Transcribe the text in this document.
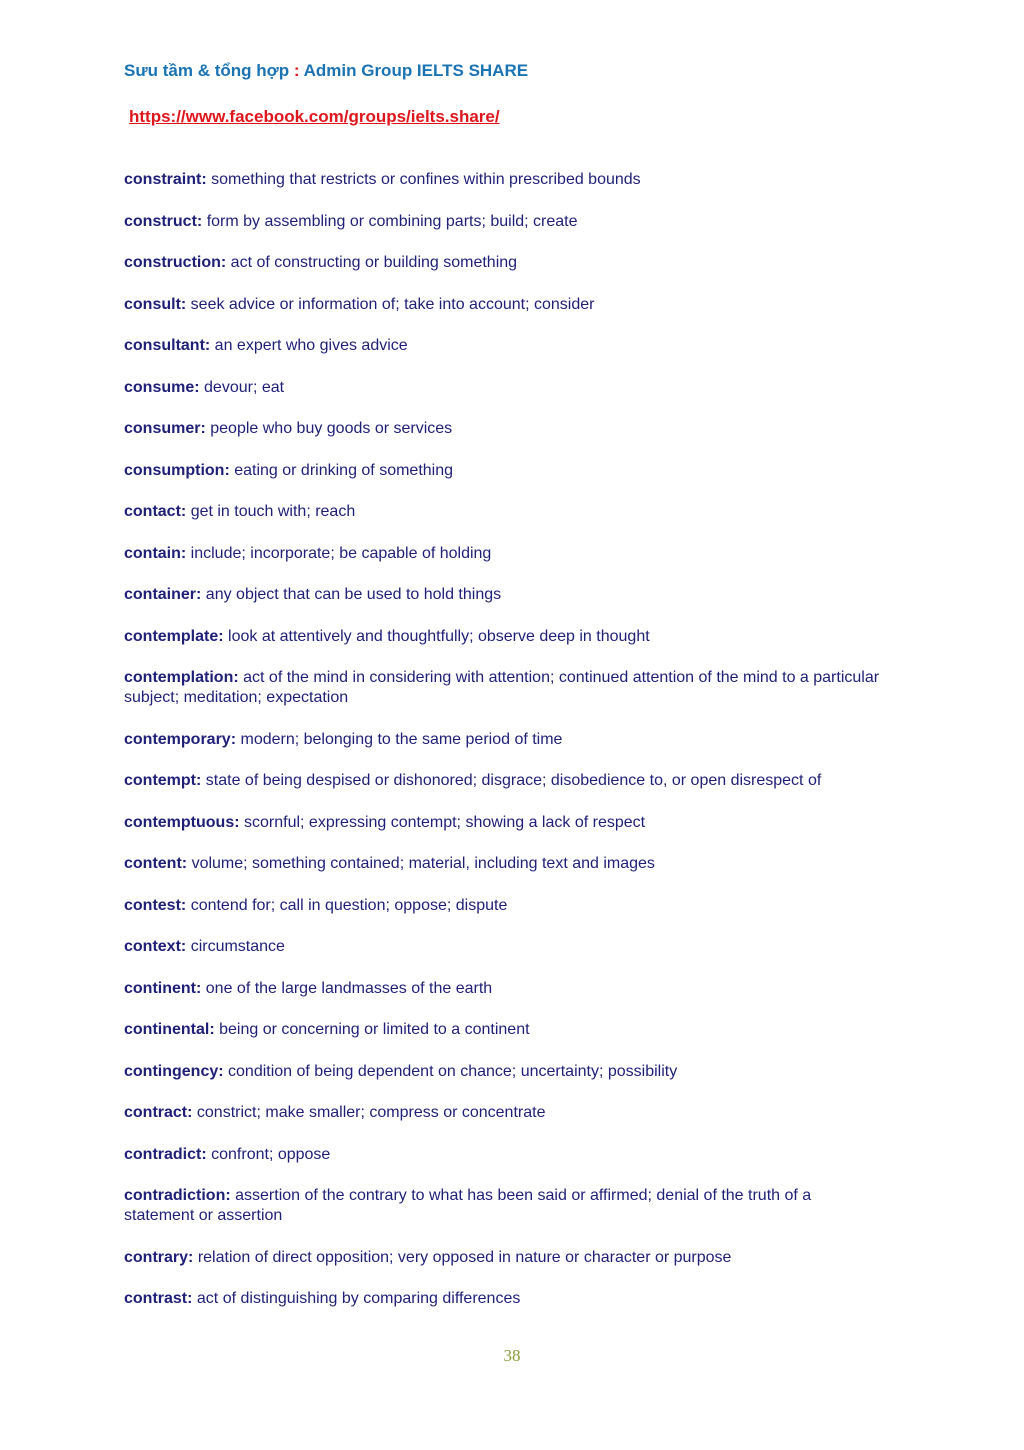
Sưu tầm & tổng hợp : Admin Group IELTS SHARE
https://www.facebook.com/groups/ielts.share/
constraint: something that restricts or confines within prescribed bounds
construct: form by assembling or combining parts; build; create
construction: act of constructing or building something
consult: seek advice or information of; take into account; consider
consultant: an expert who gives advice
consume: devour; eat
consumer: people who buy goods or services
consumption: eating or drinking of something
contact: get in touch with; reach
contain: include; incorporate; be capable of holding
container: any object that can be used to hold things
contemplate: look at attentively and thoughtfully; observe deep in thought
contemplation: act of the mind in considering with attention; continued attention of the mind to a particular subject; meditation; expectation
contemporary: modern; belonging to the same period of time
contempt: state of being despised or dishonored; disgrace; disobedience to, or open disrespect of
contemptuous: scornful; expressing contempt; showing a lack of respect
content: volume; something contained; material, including text and images
contest: contend for; call in question; oppose; dispute
context: circumstance
continent: one of the large landmasses of the earth
continental: being or concerning or limited to a continent
contingency: condition of being dependent on chance; uncertainty; possibility
contract: constrict; make smaller; compress or concentrate
contradict: confront; oppose
contradiction: assertion of the contrary to what has been said or affirmed; denial of the truth of a statement or assertion
contrary: relation of direct opposition; very opposed in nature or character or purpose
contrast: act of distinguishing by comparing differences
38
